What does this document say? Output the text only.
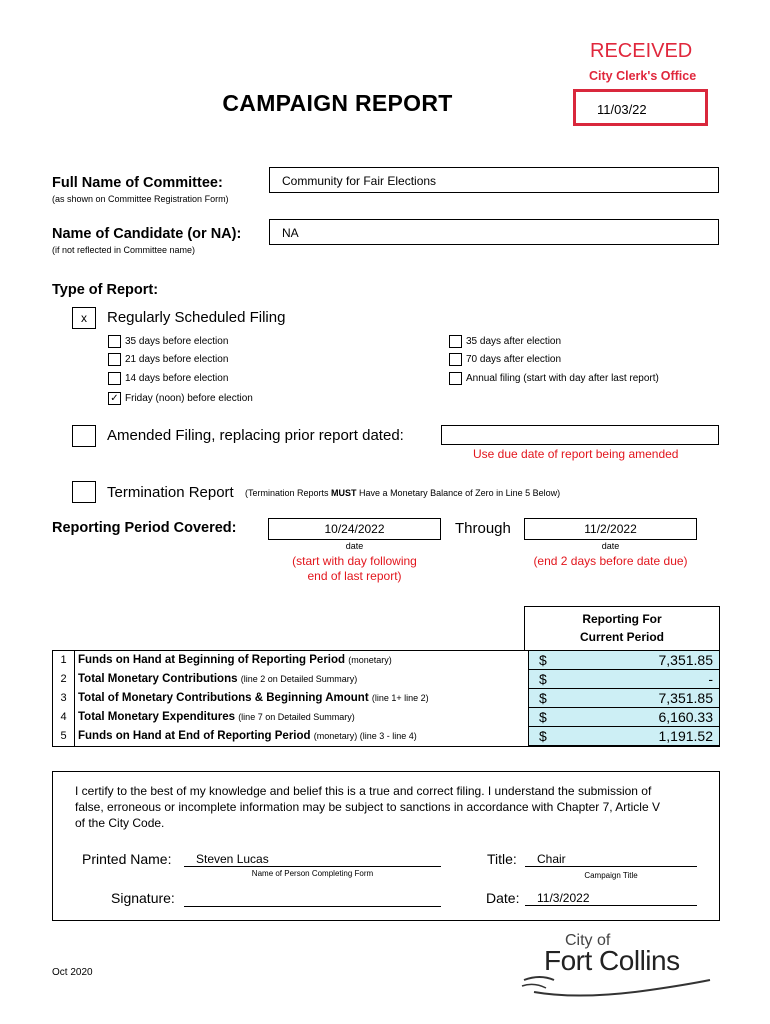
CAMPAIGN REPORT
RECEIVED
City Clerk's Office
11/03/22
Full Name of Committee:
(as shown on Committee Registration Form)
Community for Fair Elections
Name of Candidate (or NA):
(if not reflected in Committee name)
NA
Type of Report:
x	Regularly Scheduled Filing
35 days before election
21 days before election
14 days before election
✓ Friday (noon) before election
35 days after election
70 days after election
Annual filing (start with day after last report)
Amended Filing, replacing prior report dated:
Use due date of report being amended
Termination Report (Termination Reports MUST Have a Monetary Balance of Zero in Line 5 Below)
Reporting Period Covered:	10/24/2022	Through	11/2/2022
date	date
(start with day following
end of last report)
(end 2 days before date due)
Reporting For
Current Period
1 Funds on Hand at Beginning of Reporting Period (monetary)	$	7,351.85
2 Total Monetary Contributions (line 2 on Detailed Summary)	$	-
3 Total of Monetary Contributions & Beginning Amount (line 1+ line 2)	$	7,351.85
4 Total Monetary Expenditures (line 7 on Detailed Summary)	$	6,160.33
5 Funds on Hand at End of Reporting Period (monetary) (line 3 - line 4)	$	1,191.52
I certify to the best of my knowledge and belief this is a true and correct filing. I understand the submission of
false, erroneous or incomplete information may be subject to sanctions in accordance with Chapter 7, Article V
of the City Code.
Printed Name:	Steven Lucas
Name of Person Completing Form
Title:	Chair
Campaign Title
Signature:	Date:	11/3/2022
Oct 2020
City of
Fort Collins
